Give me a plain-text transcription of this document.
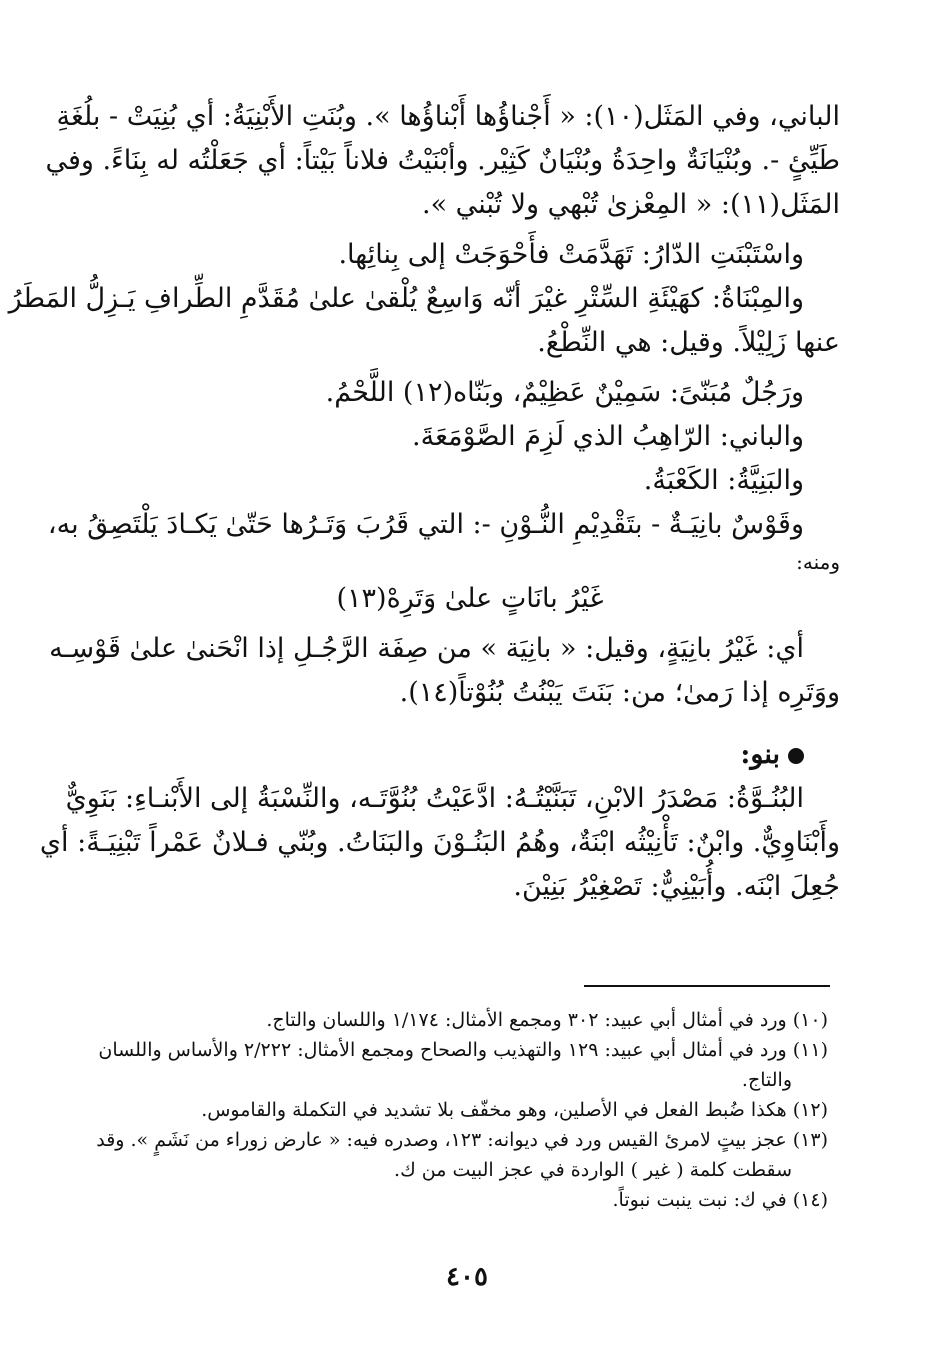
الباني، وفي المَثَل(١٠): « أَجْناؤُها أَبْناؤُها ». وبُنَتِ الأَبْنِيَةُ: أي بُنِيَتْ - بلُغَةِ

طَيِّئٍ -. وبُنْيَانَةٌ واحِدَةُ وبُنْيَانٌ كَثِيْر. وأبْنَيْتُ فلاناً بَيْتاً: أي جَعَلْتُه له بِنَاءً. وفي

المَثَل(١١): « المِعْزىٰ تُبْهي ولا تُبْني ».

واسْتَبْنَتِ الدّارُ: تَهَدَّمَتْ فأَحْوَجَتْ إلى بِنائِها.

والمِبْنَاةُ: كهَيْئَةِ السِّتْرِ غيْرَ أنّه وَاسِعٌ يُلْقىٰ علىٰ مُقَدَّمِ الطِّرافِ يَـزِلُّ المَطَرُ

عنها زَلِيْلاً. وقيل: هي النِّطْعُ.

ورَجُلٌ مُبَنّىً: سَمِيْنٌ عَظِيْمٌ، وبَنّاه(١٢) اللَّحْمُ.

والباني: الرّاهِبُ الذي لَزِمَ الصَّوْمَعَةَ.

والبَنِيَّةُ: الكَعْبَةُ.

وقَوْسٌ بانِيَـةٌ - بتَقْدِيْمِ النُّـوْنِ -: التي قَرُبَ وَتَـرُها حَتّىٰ يَكـادَ يَلْتَصِقُ به،

ومنه:

غَيْرُ بانَاتٍ علىٰ وَتَرِهْ(١٣)

أي: غَيْرُ بانِيَةٍ، وقيل: « بانِيَة » من صِفَة الرَّجُـلِ إذا انْحَنىٰ علىٰ قَوْسِـه

ووَتَرِه إذا رَمىٰ؛ من: بَنَتَ يَبْنُتُ بُنُوْتاً(١٤).

بنو:

البُنُـوَّةُ: مَصْدَرُ الابْنِ، تَبَنَّيْتُـهُ: ادَّعَيْتُ بُنُوَّتَـه، والنِّسْبَةُ إلى الأَبْنـاءِ: بَنَوِيٌّ

وأَبْنَاوِيٌّ. وابْنٌ: تَأْنِيْثُه ابْنَةٌ، وهُمُ البَنُـوْنَ والبَنَاتُ. وبُنّي فـلانٌ عَمْراً تَبْنِيَـةً: أي

جُعِلَ ابْنَه. وأُبَيْنِيٌّ: تَصْغِيْرُ بَنِيْنَ.

(١٠) ورد في أمثال أبي عبيد: ٣٠٢ ومجمع الأمثال: ١/١٧٤ واللسان والتاج.

(١١) ورد في أمثال أبي عبيد: ١٢٩ والتهذيب والصحاح ومجمع الأمثال: ٢/٢٢٢ والأساس واللسان

والتاج.

(١٢) هكذا ضُبط الفعل في الأصلين، وهو مخفّف بلا تشديد في التكملة والقاموس.

(١٣) عجز بيتٍ لامرئ القيس ورد في ديوانه: ١٢٣، وصدره فيه: « عارض زوراء من نَشَمٍ ». وقد

سقطت كلمة ( غير ) الواردة في عجز البيت من ك.

(١٤) في ك: نبت ينبت نبوتاً.

٤٠٥
